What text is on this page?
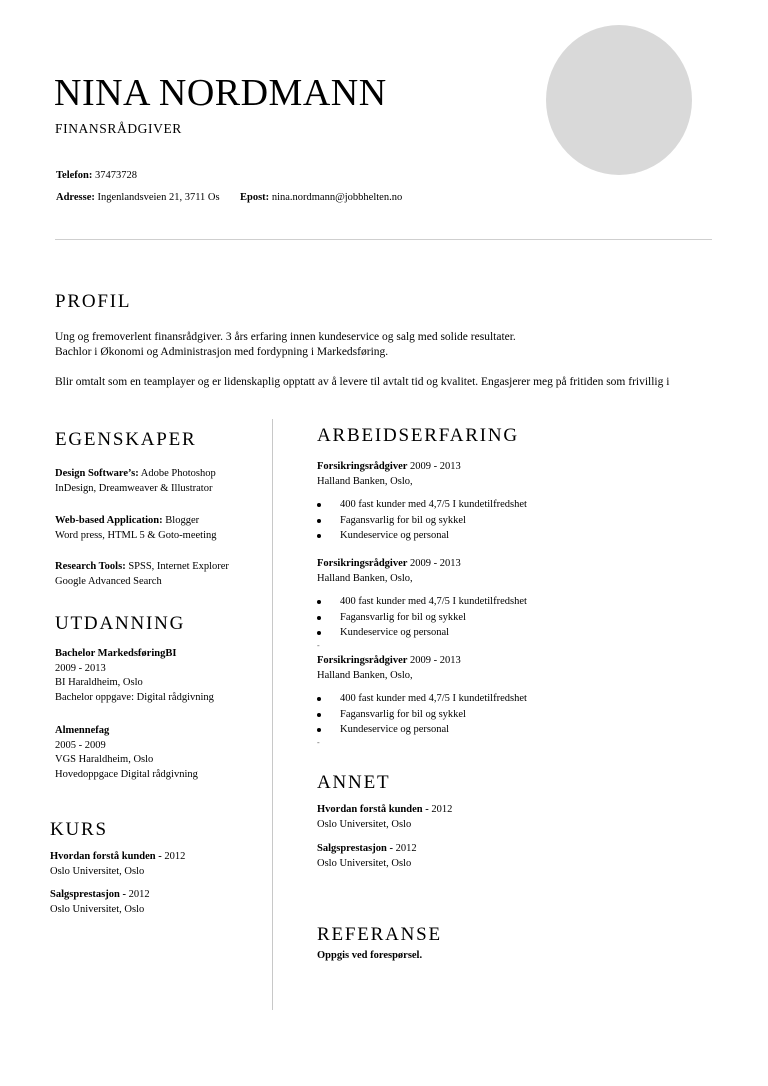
NINA NORDMANN
FINANSRÅDGIVER
Telefon: 37473728
Adresse: Ingenlandsveien 21, 3711 Os Epost: nina.nordmann@jobbhelten.no
PROFIL

Ung og fremoverlent finansrådgiver. 3 års erfaring innen kundeservice og salg med solide resultater.

Bachlor i Økonomi og Administrasjon med fordypning i Markedsføring.

Blir omtalt som en teamplayer og er lidenskaplig opptatt av å levere til avtalt tid og kvalitet. Engasjerer meg på fritiden som frivillig i

EGENSKAPER
Design Software’s: Adobe Photoshop
InDesign, Dreamweaver & Illustrator
Web-based Application: Blogger
Word press, HTML 5 & Goto-meeting
Research Tools: SPSS, Internet Explorer
Google Advanced Search
UTDANNING
Bachelor MarkedsføringBI
2009 - 2013
BI Haraldheim, Oslo
Bachelor oppgave: Digital rådgivning
Almennefag
2005 - 2009
VGS Haraldheim, Oslo
Hovedoppgace Digital rådgivning
KURS
Hvordan forstå kunden - 2012
Oslo Universitet, Oslo
Salgsprestasjon - 2012
Oslo Universitet, Oslo
ARBEIDSERFARING
Forsikringsrådgiver 2009 - 2013
Halland Banken, Oslo,
400 fast kunder med 4,7/5 I kundetilfredshet
Fagansvarlig for bil og sykkel
Kundeservice og personal
Forsikringsrådgiver 2009 - 2013
Halland Banken, Oslo,
400 fast kunder med 4,7/5 I kundetilfredshet
Fagansvarlig for bil og sykkel
Kundeservice og personal
-
Forsikringsrådgiver 2009 - 2013
Halland Banken, Oslo,
400 fast kunder med 4,7/5 I kundetilfredshet
Fagansvarlig for bil og sykkel
Kundeservice og personal
-
ANNET
Hvordan forstå kunden - 2012
Oslo Universitet, Oslo
Salgsprestasjon - 2012
Oslo Universitet, Oslo
REFERANSE
Oppgis ved forespørsel.
